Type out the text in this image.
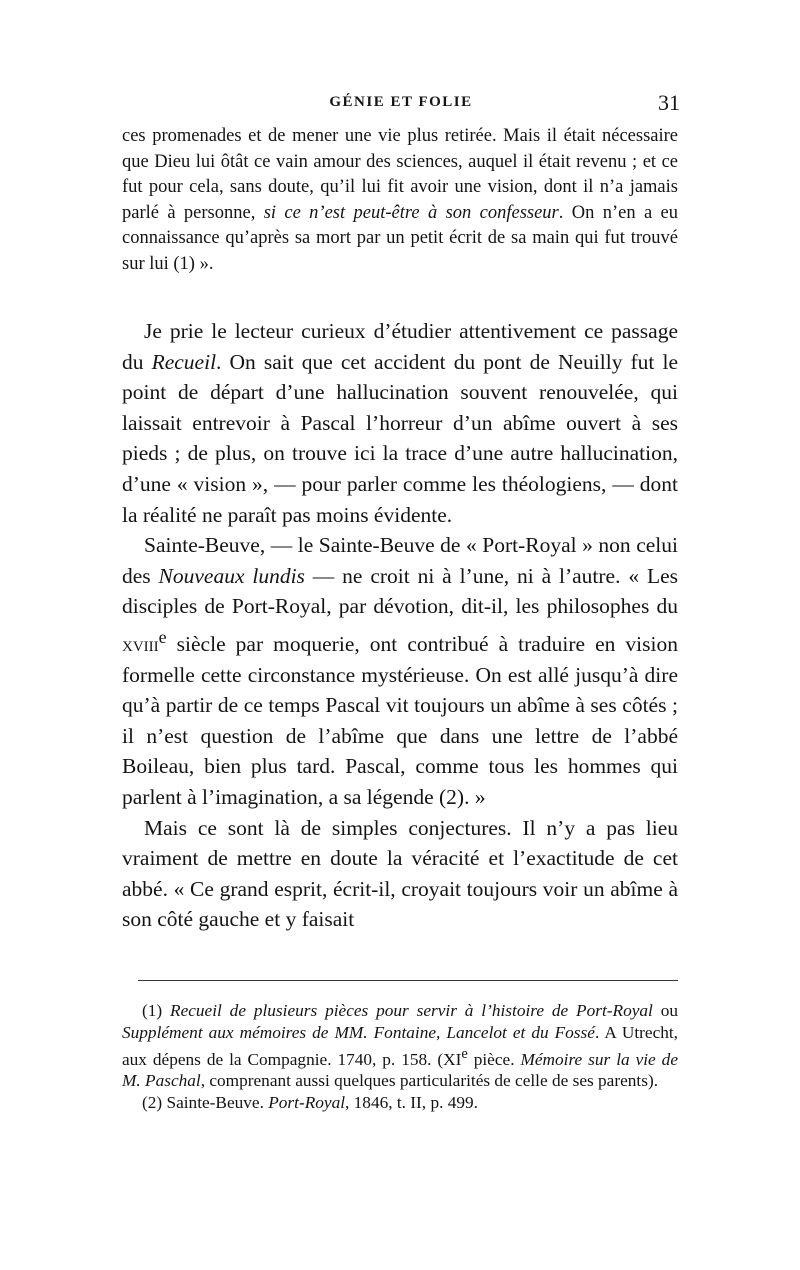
GÉNIE ET FOLIE	31

ces promenades et de mener une vie plus retirée. Mais il était nécessaire que Dieu lui ôtât ce vain amour des sciences, auquel il était revenu ; et ce fut pour cela, sans doute, qu’il lui fit avoir une vision, dont il n’a jamais parlé à personne, si ce n’est peut-être à son confesseur. On n’en a eu connaissance qu’après sa mort par un petit écrit de sa main qui fut trouvé sur lui (1) ».

Je prie le lecteur curieux d’étudier attentivement ce passage du Recueil. On sait que cet accident du pont de Neuilly fut le point de départ d’une hallucination souvent renouvelée, qui laissait entrevoir à Pascal l’horreur d’un abîme ouvert à ses pieds ; de plus, on trouve ici la trace d’une autre hallucination, d’une « vision », — pour parler comme les théologiens, — dont la réalité ne paraît pas moins évidente.

Sainte-Beuve, — le Sainte-Beuve de « Port-Royal » non celui des Nouveaux lundis — ne croit ni à l’une, ni à l’autre. « Les disciples de Port-Royal, par dévotion, dit-il, les philosophes du xviii$^e$ siècle par moquerie, ont contribué à traduire en vision formelle cette circonstance mystérieuse. On est allé jusqu’à dire qu’à partir de ce temps Pascal vit toujours un abîme à ses côtés ; il n’est question de l’abîme que dans une lettre de l’abbé Boileau, bien plus tard. Pascal, comme tous les hommes qui parlent à l’imagination, a sa légende (2). »

Mais ce sont là de simples conjectures. Il n’y a pas lieu vraiment de mettre en doute la véracité et l’exactitude de cet abbé. « Ce grand esprit, écrit-il, croyait toujours voir un abîme à son côté gauche et y faisait

(1) Recueil de plusieurs pièces pour servir à l’histoire de Port-Royal ou Supplément aux mémoires de MM. Fontaine, Lancelot et du Fossé. A Utrecht, aux dépens de la Compagnie. 1740, p. 158. (XIe pièce. Mémoire sur la vie de M. Paschal, comprenant aussi quelques particularités de celle de ses parents).

(2) Sainte-Beuve. Port-Royal, 1846, t. II, p. 499.
